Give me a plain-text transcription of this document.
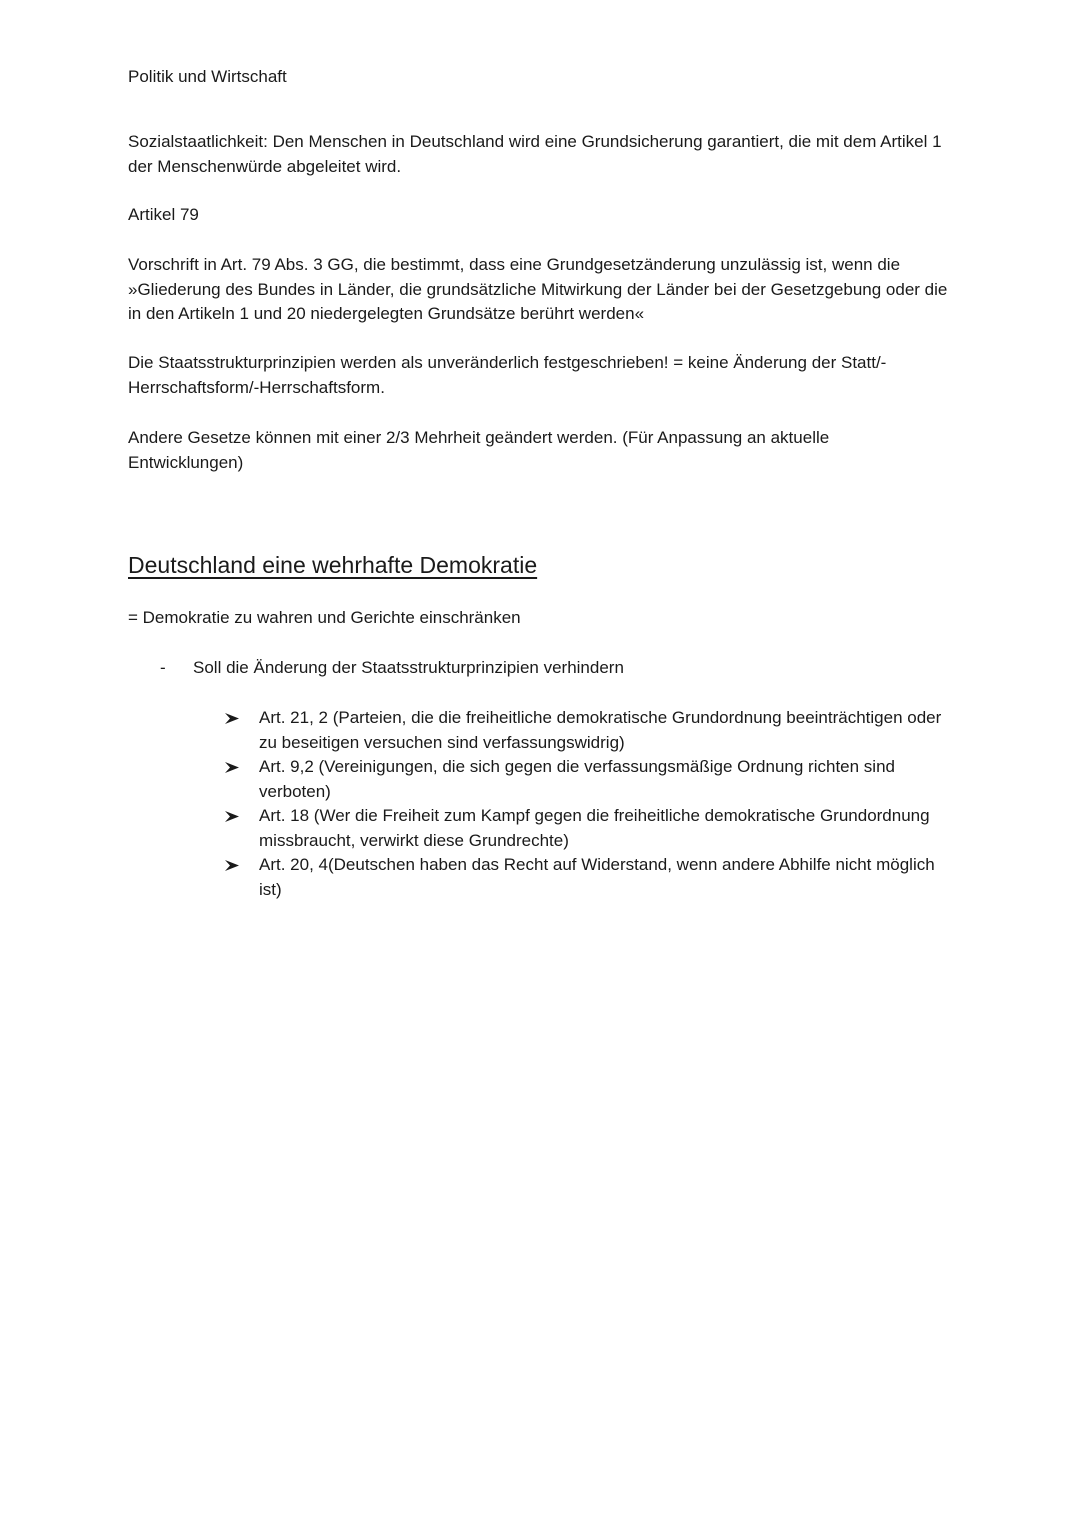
Politik und Wirtschaft

Sozialstaatlichkeit: Den Menschen in Deutschland wird eine Grundsicherung garantiert, die mit dem Artikel 1 der Menschenwürde abgeleitet wird.

Artikel 79

Vorschrift in Art. 79 Abs. 3 GG, die bestimmt, dass eine Grundgesetzänderung unzulässig ist, wenn die »Gliederung des Bundes in Länder, die grundsätzliche Mitwirkung der Länder bei der Gesetzgebung oder die in den Artikeln 1 und 20 niedergelegten Grundsätze berührt werden«

Die Staatsstrukturprinzipien werden als unveränderlich festgeschrieben! = keine Änderung der Statt/-Herrschaftsform/-Herrschaftsform.

Andere Gesetze können mit einer 2/3 Mehrheit geändert werden. (Für Anpassung an aktuelle Entwicklungen)

Deutschland eine wehrhafte Demokratie

= Demokratie zu wahren und Gerichte einschränken

- Soll die Änderung der Staatsstrukturprinzipien verhindern
Art. 21, 2 (Parteien, die die freiheitliche demokratische Grundordnung beeinträchtigen oder zu beseitigen versuchen sind verfassungswidrig)
Art. 9,2 (Vereinigungen, die sich gegen die verfassungsmäßige Ordnung richten sind verboten)
Art. 18 (Wer die Freiheit zum Kampf gegen die freiheitliche demokratische Grundordnung missbraucht, verwirkt diese Grundrechte)
Art. 20, 4(Deutschen haben das Recht auf Widerstand, wenn andere Abhilfe nicht möglich ist)
